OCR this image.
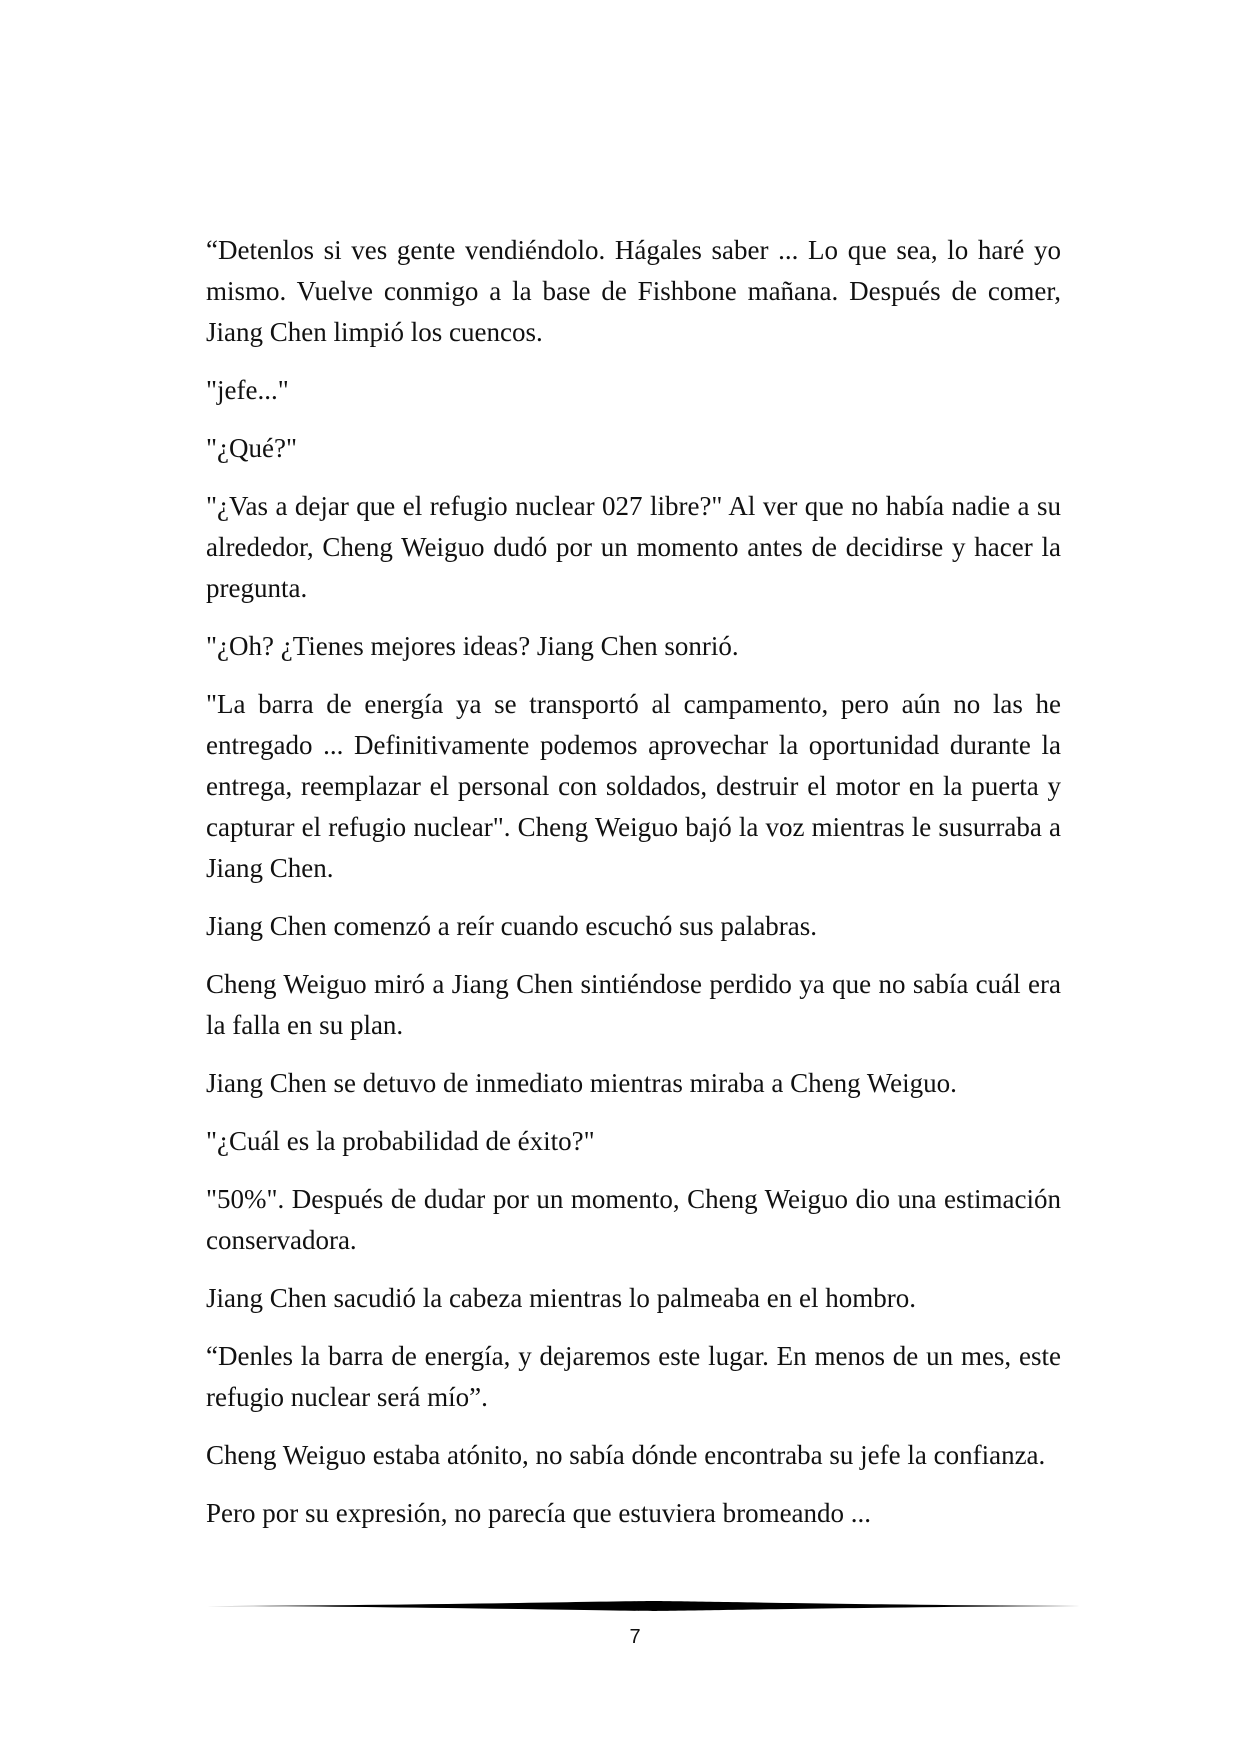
“Detenlos si ves gente vendiéndolo. Hágales saber ... Lo que sea, lo haré yo mismo. Vuelve conmigo a la base de Fishbone mañana. Después de comer, Jiang Chen limpió los cuencos.

"jefe..."

"¿Qué?"

"¿Vas a dejar que el refugio nuclear 027 libre?" Al ver que no había nadie a su alrededor, Cheng Weiguo dudó por un momento antes de decidirse y hacer la pregunta.

"¿Oh? ¿Tienes mejores ideas? Jiang Chen sonrió.

"La barra de energía ya se transportó al campamento, pero aún no las he entregado ... Definitivamente podemos aprovechar la oportunidad durante la entrega, reemplazar el personal con soldados, destruir el motor en la puerta y capturar el refugio nuclear". Cheng Weiguo bajó la voz mientras le susurraba a Jiang Chen.

Jiang Chen comenzó a reír cuando escuchó sus palabras.

Cheng Weiguo miró a Jiang Chen sintiéndose perdido ya que no sabía cuál era la falla en su plan.

Jiang Chen se detuvo de inmediato mientras miraba a Cheng Weiguo.

"¿Cuál es la probabilidad de éxito?"

"50%". Después de dudar por un momento, Cheng Weiguo dio una estimación conservadora.

Jiang Chen sacudió la cabeza mientras lo palmeaba en el hombro.

“Denles la barra de energía, y dejaremos este lugar. En menos de un mes, este refugio nuclear será mío”.

Cheng Weiguo estaba atónito, no sabía dónde encontraba su jefe la confianza.

Pero por su expresión, no parecía que estuviera bromeando ...

7
